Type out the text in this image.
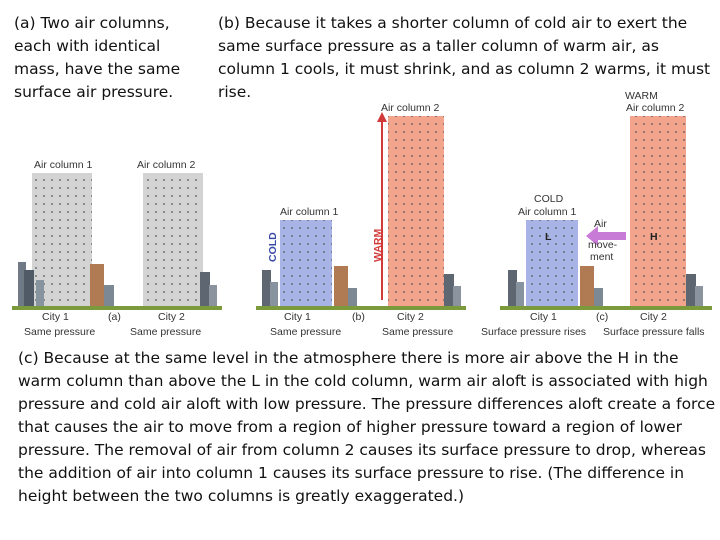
(a) Two air columns, each with identical mass, have the same surface air pressure.

(b) Because it takes a shorter column of cold air to exert the same surface pressure as a taller column of warm air, as column 1 cools, it must shrink, and as column 2 warms, it must rise.

Air column 1	Air column 2
City 1	City 2
(a)
Same pressure	Same pressure
Air column 1
Air column 2
COLD	WARM
City 1	City 2
(b)
Same pressure	Same pressure
Air column 2
WARM
COLD
Air column 1
L	H
Air
move-
ment
City 1	City 2
(c)
Surface pressure rises Surface pressure falls

(c) Because at the same level in the atmosphere there is more air above the H in the warm column than above the L in the cold column, warm air aloft is associated with high pressure and cold air aloft with low pressure. The pressure differences aloft create a force that causes the air to move from a region of higher pressure toward a region of lower pressure. The removal of air from column 2 causes its surface pressure to drop, whereas the addition of air into column 1 causes its surface pressure to rise. (The difference in height between the two columns is greatly exaggerated.)
